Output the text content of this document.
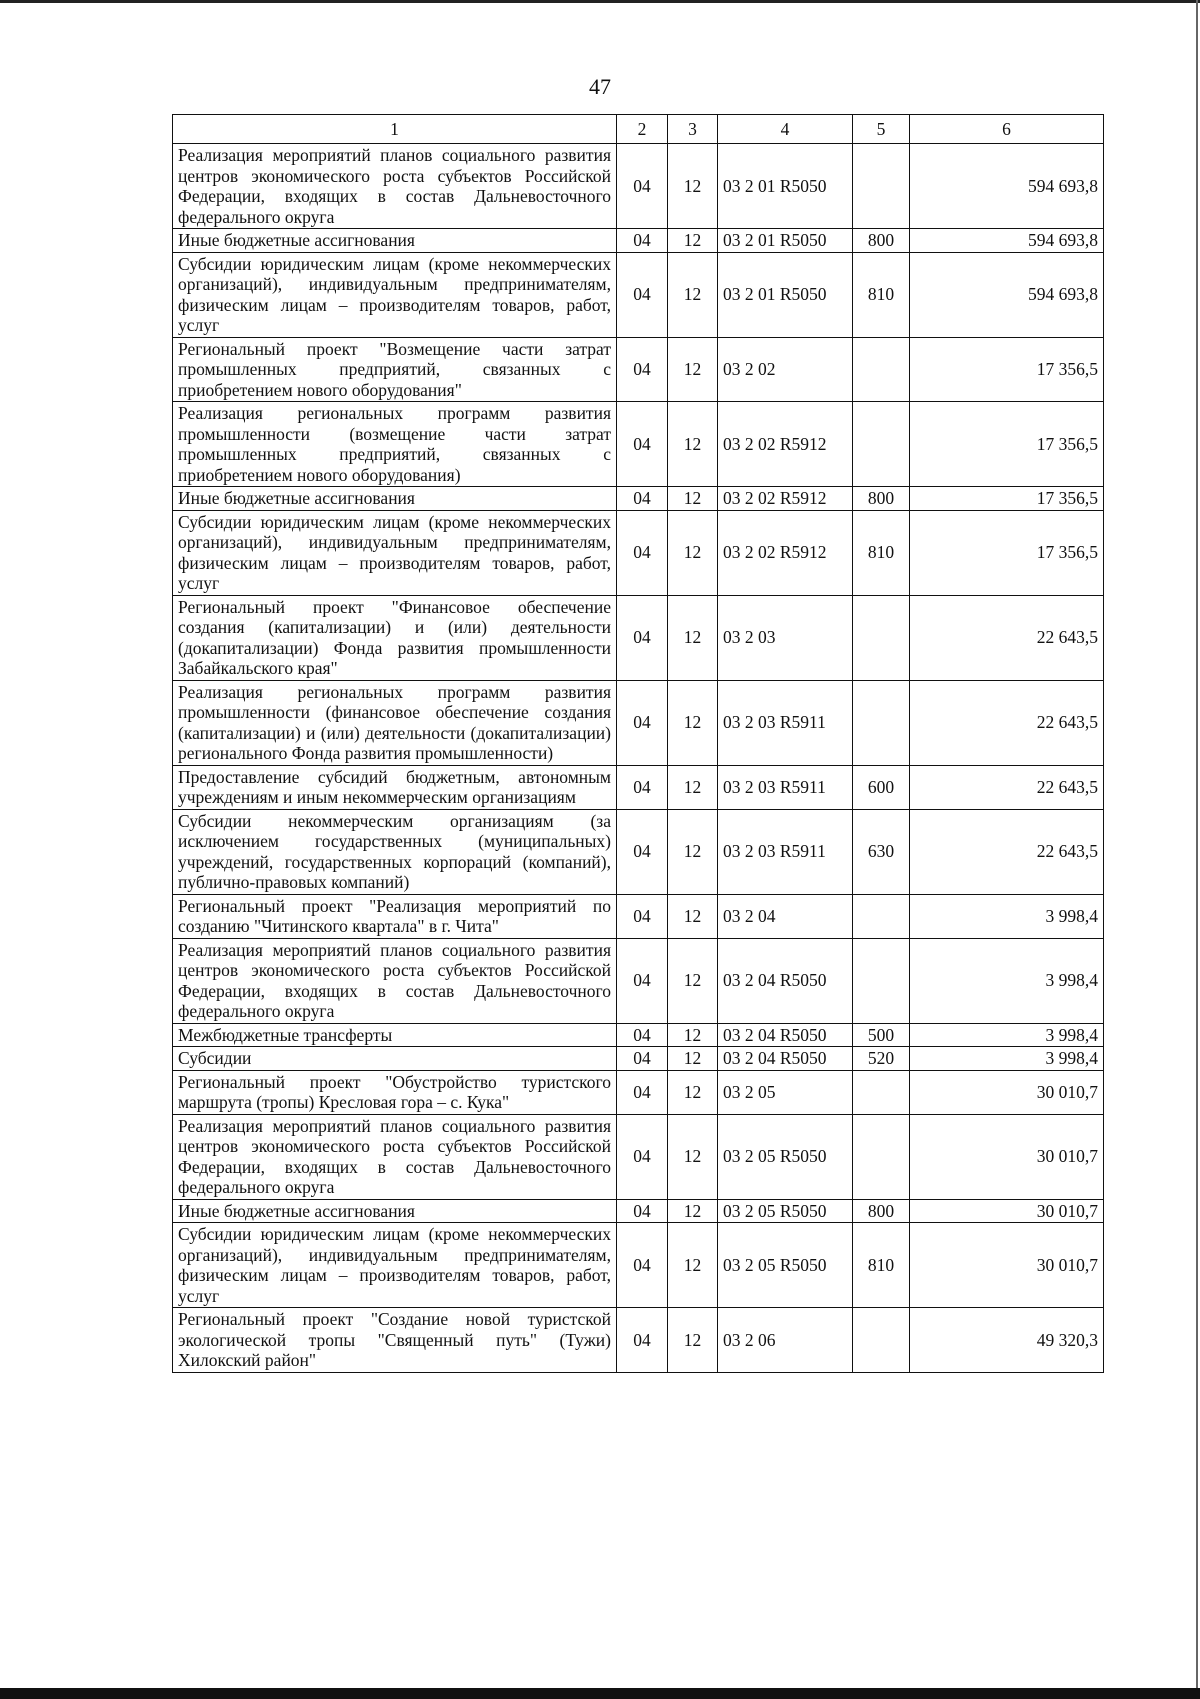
47
1	2	3	4	5	6
Реализация мероприятий планов социального развития центров экономического роста субъектов Российской Федерации, входящих в состав Дальневосточного федерального округа	04	12	03 2 01 R5050		594 693,8
Иные бюджетные ассигнования	04	12	03 2 01 R5050	800	594 693,8
Субсидии юридическим лицам (кроме некоммерческих организаций), индивидуальным предпринимателям, физическим лицам – производителям товаров, работ, услуг	04	12	03 2 01 R5050	810	594 693,8
Региональный проект "Возмещение части затрат промышленных предприятий, связанных с приобретением нового оборудования"	04	12	03 2 02		17 356,5
Реализация региональных программ развития промышленности (возмещение части затрат промышленных предприятий, связанных с приобретением нового оборудования)	04	12	03 2 02 R5912		17 356,5
Иные бюджетные ассигнования	04	12	03 2 02 R5912	800	17 356,5
Субсидии юридическим лицам (кроме некоммерческих организаций), индивидуальным предпринимателям, физическим лицам – производителям товаров, работ, услуг	04	12	03 2 02 R5912	810	17 356,5
Региональный проект "Финансовое обеспечение создания (капитализации) и (или) деятельности (докапитализации) Фонда развития промышленности Забайкальского края"	04	12	03 2 03		22 643,5
Реализация региональных программ развития промышленности (финансовое обеспечение создания (капитализации) и (или) деятельности (докапитализации) регионального Фонда развития промышленности)	04	12	03 2 03 R5911		22 643,5
Предоставление субсидий бюджетным, автономным учреждениям и иным некоммерческим организациям	04	12	03 2 03 R5911	600	22 643,5
Субсидии некоммерческим организациям (за исключением государственных (муниципальных) учреждений, государственных корпораций (компаний), публично-правовых компаний)	04	12	03 2 03 R5911	630	22 643,5
Региональный проект "Реализация мероприятий по созданию "Читинского квартала" в г. Чита"	04	12	03 2 04		3 998,4
Реализация мероприятий планов социального развития центров экономического роста субъектов Российской Федерации, входящих в состав Дальневосточного федерального округа	04	12	03 2 04 R5050		3 998,4
Межбюджетные трансферты	04	12	03 2 04 R5050	500	3 998,4
Субсидии	04	12	03 2 04 R5050	520	3 998,4
Региональный проект "Обустройство туристского маршрута (тропы) Кресловая гора – с. Кука"	04	12	03 2 05		30 010,7
Реализация мероприятий планов социального развития центров экономического роста субъектов Российской Федерации, входящих в состав Дальневосточного федерального округа	04	12	03 2 05 R5050		30 010,7
Иные бюджетные ассигнования	04	12	03 2 05 R5050	800	30 010,7
Субсидии юридическим лицам (кроме некоммерческих организаций), индивидуальным предпринимателям, физическим лицам – производителям товаров, работ, услуг	04	12	03 2 05 R5050	810	30 010,7
Региональный проект "Создание новой туристской экологической тропы "Священный путь" (Тужи) Хилокский район"	04	12	03 2 06		49 320,3
